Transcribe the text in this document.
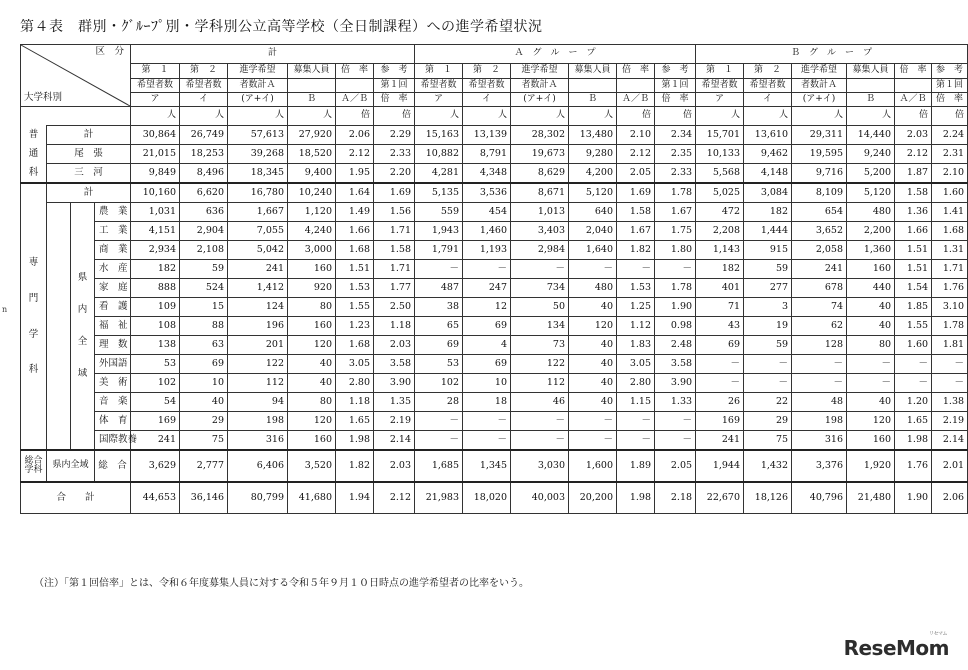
第４表　群別・ｸﾞﾙｰﾌﾟ別・学科別公立高等学校（全日制課程）への進学希望状況
n
区　分
大学科別				計						Ａ　グ　ル　ー　プ						Ｂ　グ　ル　ー　プ					
				第　１	第　２	進学希望	募集人員	倍　率	参　考	第　１	第　２	進学希望	募集人員	倍　率	参　考	第　１	第　２	進学希望	募集人員	倍　率	参　考
				希望者数	希望者数	者数計Ａ			第１回	希望者数	希望者数	者数計Ａ			第１回	希望者数	希望者数	者数計Ａ			第１回
				ア	イ	(ア+イ)	Ｂ	Ａ／Ｂ	倍　率	ア	イ	(ア+イ)	Ｂ	Ａ／Ｂ	倍　率	ア	イ	(ア+イ)	Ｂ	Ａ／Ｂ	倍　率
				人	人	人	人	倍	倍	人	人	人	人	倍	倍	人	人	人	人	倍	倍
普	計			30,864	26,749	57,613	27,920	2.06	2.29	15,163	13,139	28,302	13,480	2.10	2.34	15,701	13,610	29,311	14,440	2.03	2.24
通	尾　張			21,015	18,253	39,268	18,520	2.12	2.33	10,882	8,791	19,673	9,280	2.12	2.35	10,133	9,462	19,595	9,240	2.12	2.31
科	三　河			9,849	8,496	18,345	9,400	1.95	2.20	4,281	4,348	8,629	4,200	2.05	2.33	5,568	4,148	9,716	5,200	1.87	2.10

専
門
学
科	計			10,160	6,620	16,780	10,240	1.64	1.69	5,135	3,536	8,671	5,120	1.69	1.78	5,025	3,084	8,109	5,120	1.58	1.60

		県
内
全
域	農　業	1,031	636	1,667	1,120	1.49	1.56	559	454	1,013	640	1.58	1.67	472	182	654	480	1.36	1.41
			工　業	4,151	2,904	7,055	4,240	1.66	1.71	1,943	1,460	3,403	2,040	1.67	1.75	2,208	1,444	3,652	2,200	1.66	1.68
			商　業	2,934	2,108	5,042	3,000	1.68	1.58	1,791	1,193	2,984	1,640	1.82	1.80	1,143	915	2,058	1,360	1.51	1.31
			水　産	182	59	241	160	1.51	1.71	－	－	－	－	－	－	182	59	241	160	1.51	1.71
			家　庭	888	524	1,412	920	1.53	1.77	487	247	734	480	1.53	1.78	401	277	678	440	1.54	1.76
			看　護	109	15	124	80	1.55	2.50	38	12	50	40	1.25	1.90	71	3	74	40	1.85	3.10
			福　祉	108	88	196	160	1.23	1.18	65	69	134	120	1.12	0.98	43	19	62	40	1.55	1.78
			理　数	138	63	201	120	1.68	2.03	69	4	73	40	1.83	2.48	69	59	128	80	1.60	1.81
			外国語	53	69	122	40	3.05	3.58	53	69	122	40	3.05	3.58	－	－	－	－	－	－
			美　術	102	10	112	40	2.80	3.90	102	10	112	40	2.80	3.90	－	－	－	－	－	－
			音　楽	54	40	94	80	1.18	1.35	28	18	46	40	1.15	1.33	26	22	48	40	1.20	1.38
			体　育	169	29	198	120	1.65	2.19	－	－	－	－	－	－	169	29	198	120	1.65	2.19
			国際教養	241	75	316	160	1.98	2.14	－	－	－	－	－	－	241	75	316	160	1.98	2.14
総合学科	県内全域		総　合	3,629	2,777	6,406	3,520	1.82	2.03	1,685	1,345	3,030	1,600	1.89	2.05	1,944	1,432	3,376	1,920	1.76	2.01
合　　計				44,653	36,146	80,799	41,680	1.94	2.12	21,983	18,020	40,003	20,200	1.98	2.18	22,670	18,126	40,796	21,480	1.90	2.06
（注）「第１回倍率」とは、令和６年度募集人員に対する令和５年９月１０日時点の進学希望者の比率をいう。
ReseMom
リセマム
